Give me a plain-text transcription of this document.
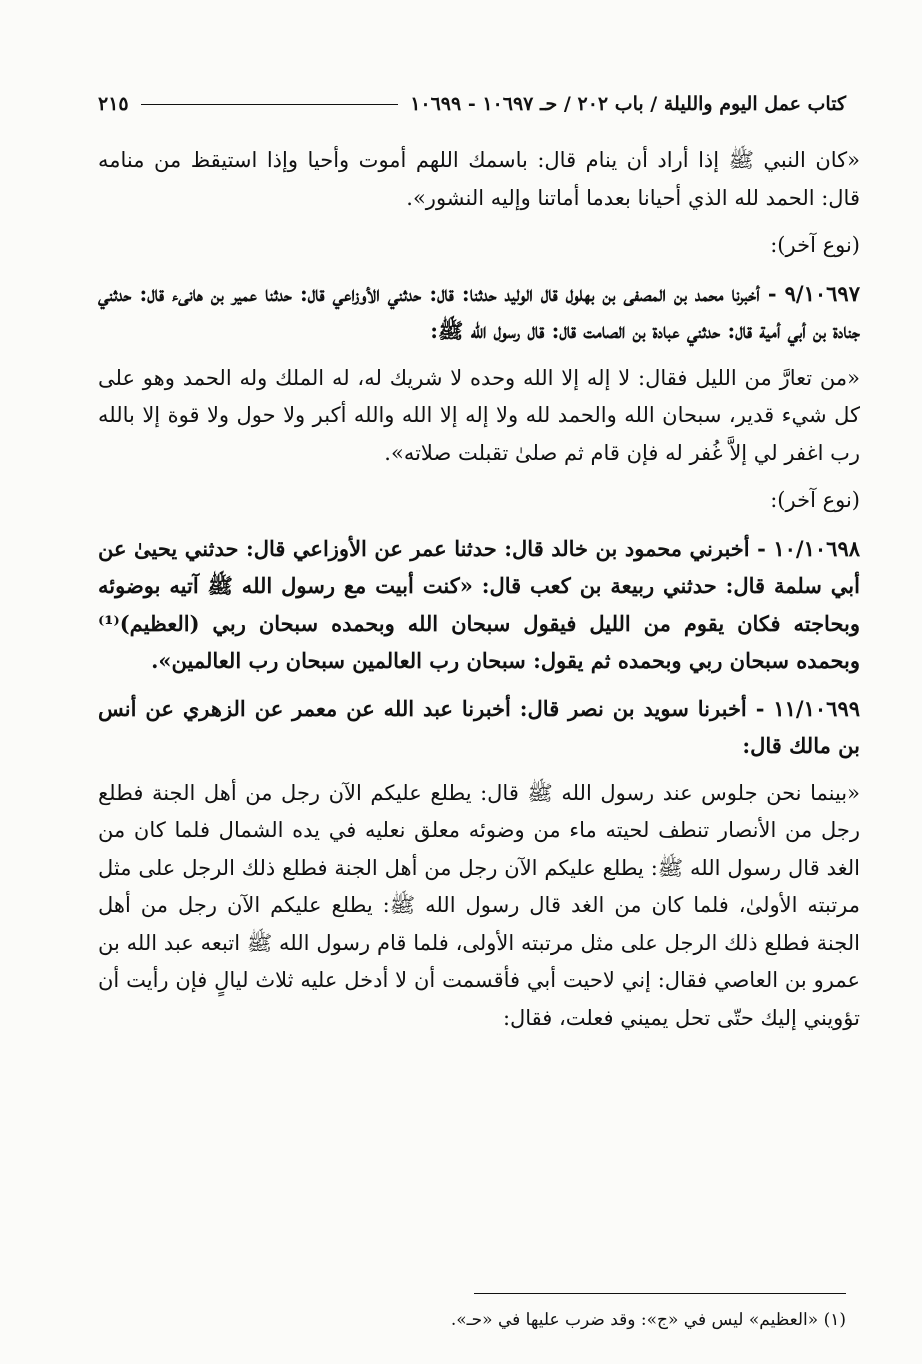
كتاب عمل اليوم والليلة / باب ٢٠٢ / حـ ١٠٦٩٧ - ١٠٦٩٩
٢١٥

«كان النبي ﷺ إذا أراد أن ينام قال: باسمك اللهم أموت وأحيا وإذا استيقظ من منامه قال: الحمد لله الذي أحيانا بعدما أماتنا وإليه النشور».

(نوع آخر):

٩/١٠٦٩٧ - أخبرنا محمد بن المصفى بن بهلول قال الوليد حدثنا: قال: حدثني الأوزاعي قال: حدثنا عمير بن هانىء قال: حدثني جنادة بن أبي أمية قال: حدثني عبادة بن الصامت قال: قال رسول الله ﷺ:

«من تعارَّ من الليل فقال: لا إله إلا الله وحده لا شريك له، له الملك وله الحمد وهو على كل شيء قدير، سبحان الله والحمد لله ولا إله إلا الله والله أكبر ولا حول ولا قوة إلا بالله رب اغفر لي إلاَّ غُفر له فإن قام ثم صلىٰ تقبلت صلاته».

(نوع آخر):

١٠/١٠٦٩٨ - أخبرني محمود بن خالد قال: حدثنا عمر عن الأوزاعي قال: حدثني يحيىٰ عن أبي سلمة قال: حدثني ربيعة بن كعب قال: «كنت أبيت مع رسول الله ﷺ آتيه بوضوئه وبحاجته فكان يقوم من الليل فيقول سبحان الله وبحمده سبحان ربي (العظيم)⁽¹⁾ وبحمده سبحان ربي وبحمده ثم يقول: سبحان رب العالمين سبحان رب العالمين».

١١/١٠٦٩٩ - أخبرنا سويد بن نصر قال: أخبرنا عبد الله عن معمر عن الزهري عن أنس بن مالك قال:

«بينما نحن جلوس عند رسول الله ﷺ قال: يطلع عليكم الآن رجل من أهل الجنة فطلع رجل من الأنصار تنطف لحيته ماء من وضوئه معلق نعليه في يده الشمال فلما كان من الغد قال رسول الله ﷺ: يطلع عليكم الآن رجل من أهل الجنة فطلع ذلك الرجل على مثل مرتبته الأولىٰ، فلما كان من الغد قال رسول الله ﷺ: يطلع عليكم الآن رجل من أهل الجنة فطلع ذلك الرجل على مثل مرتبته الأولى، فلما قام رسول الله ﷺ اتبعه عبد الله بن عمرو بن العاصي فقال: إني لاحيت أبي فأقسمت أن لا أدخل عليه ثلاث ليالٍ فإن رأيت أن تؤويني إليك حتّى تحل يميني فعلت، فقال:

(١) «العظيم» ليس في «ج»: وقد ضرب عليها في «حـ».
